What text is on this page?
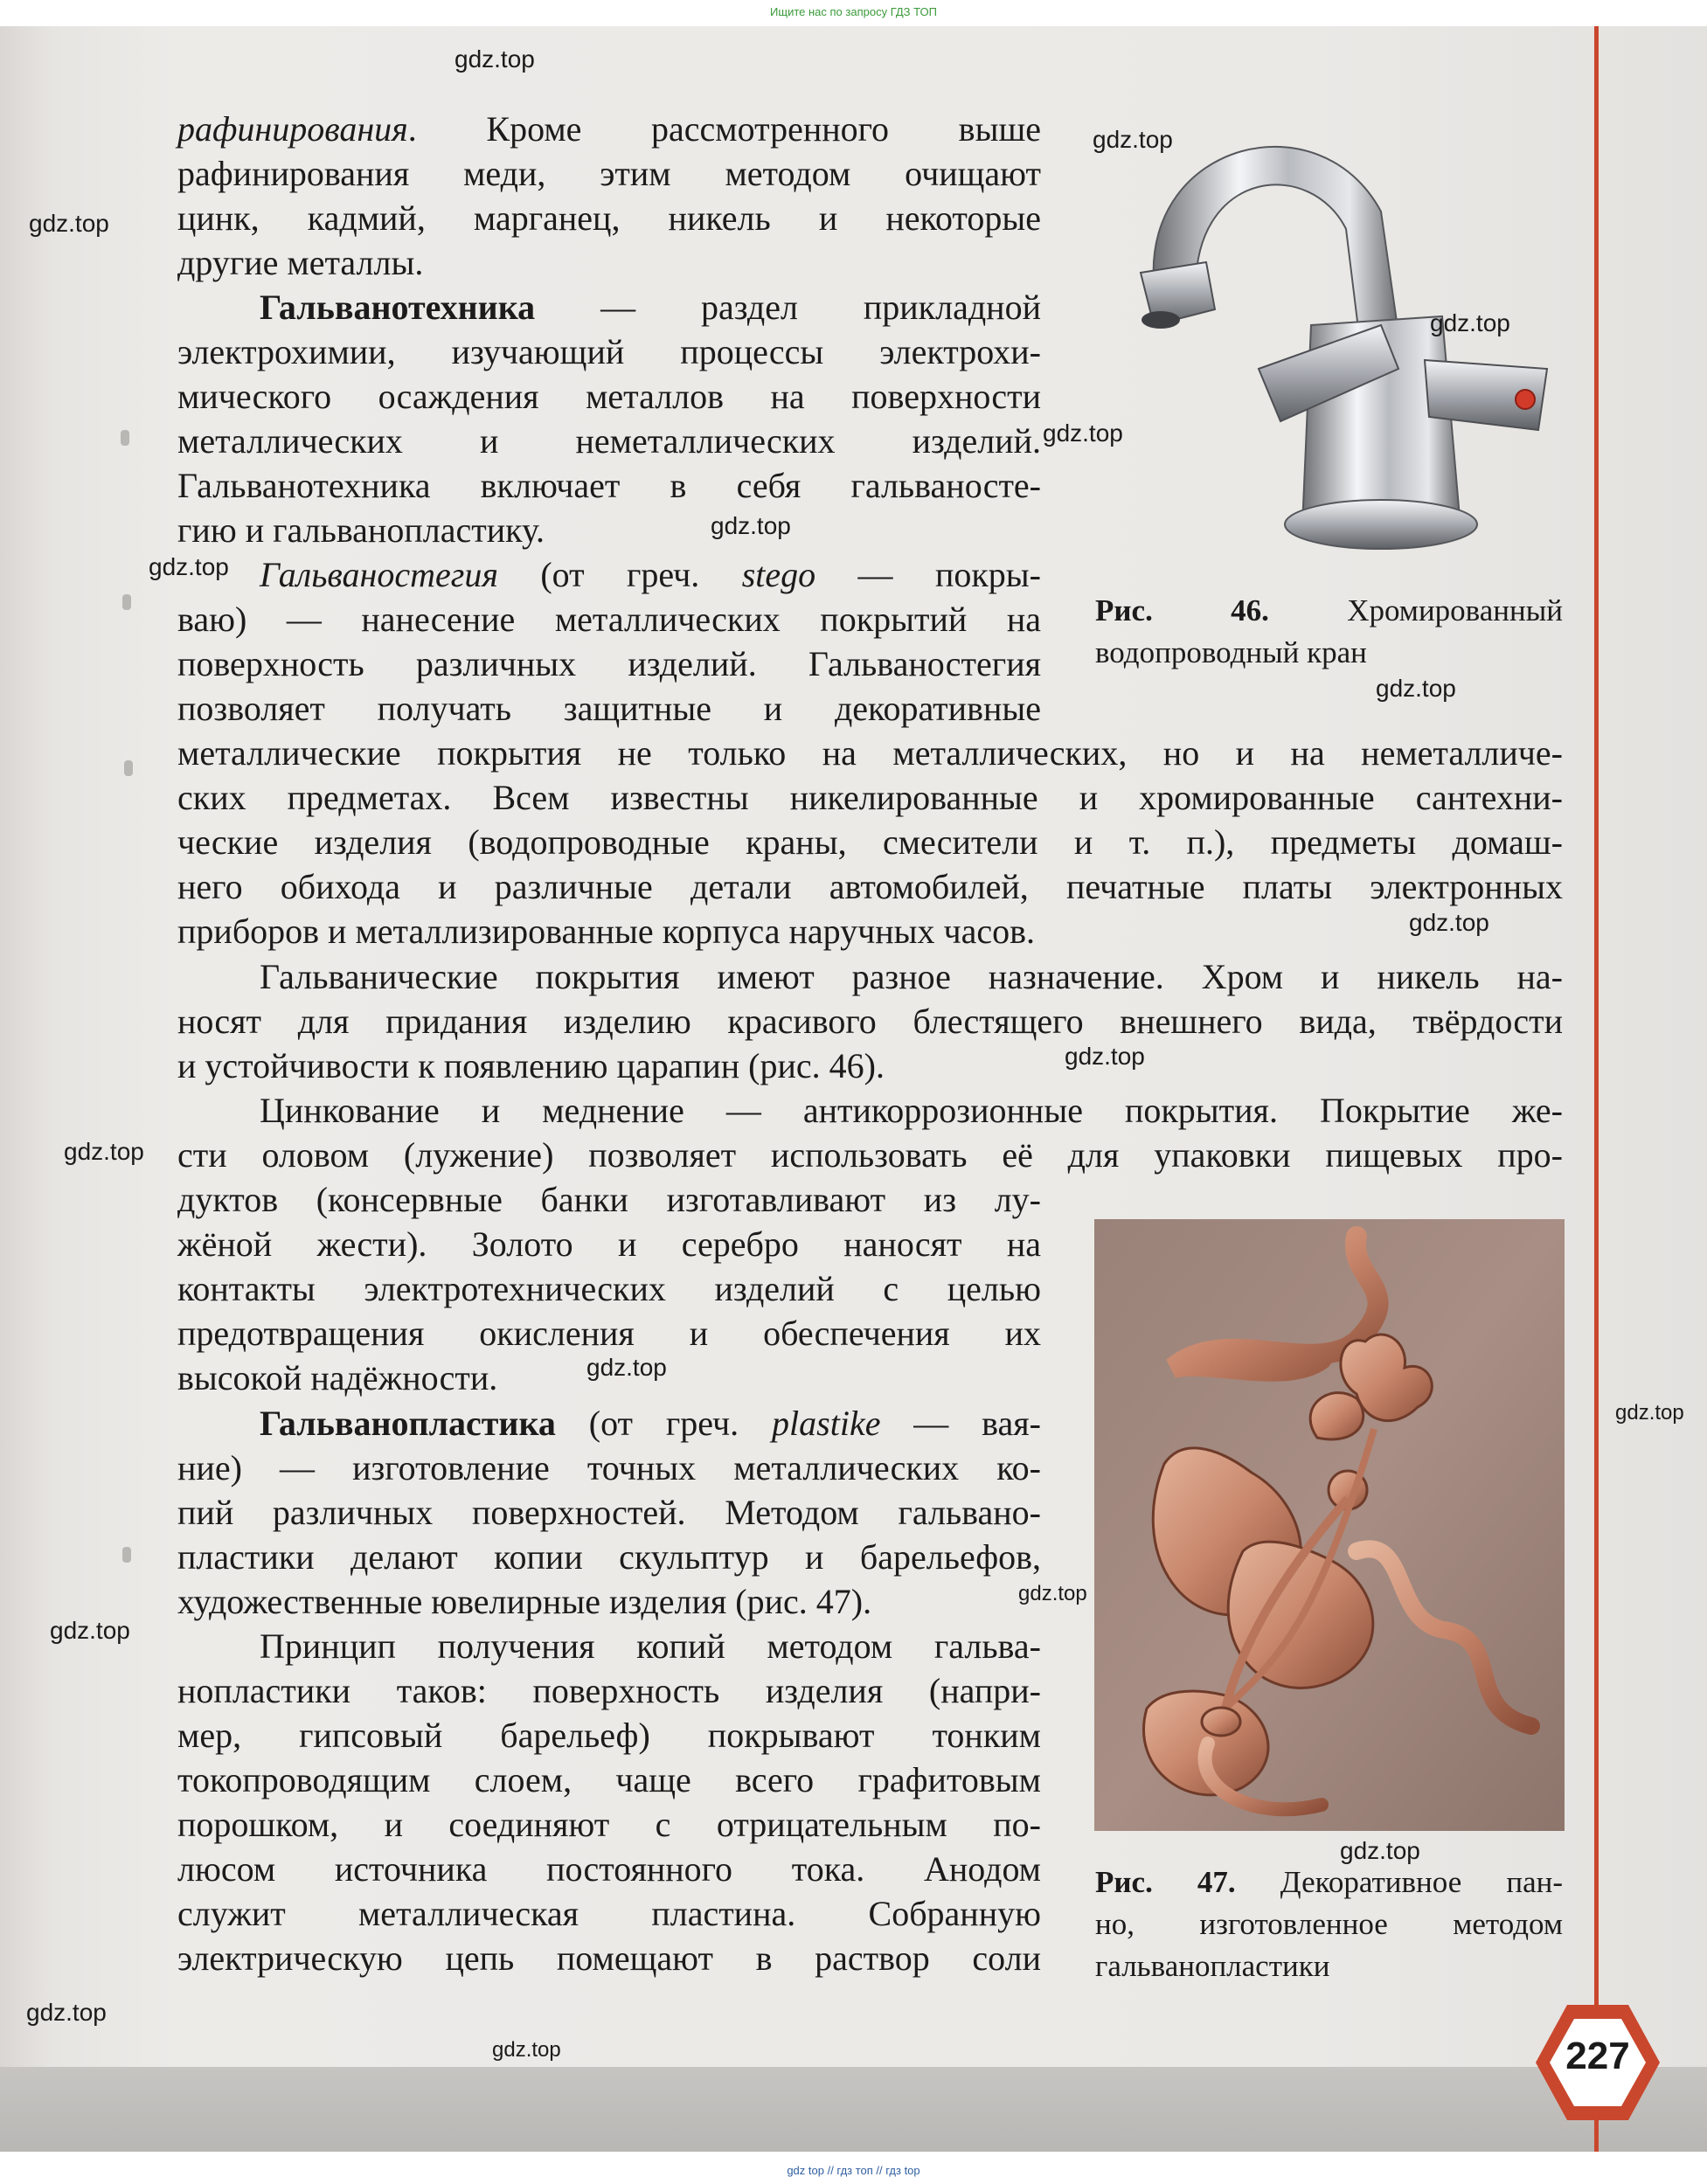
Ищите нас по запросу ГДЗ ТОП
рафинирования. Кроме рассмотренного выше
рафинирования меди, этим методом очищают
цинк, кадмий, марганец, никель и некоторые
другие металлы.
Гальванотехника — раздел прикладной
электрохимии, изучающий процессы электрохи-
мического осаждения металлов на поверхности
металлических и неметаллических изделий.
Гальванотехника включает в себя гальваносте-
гию и гальванопластику.
Гальваностегия (от греч. stego — покры-
ваю) — нанесение металлических покрытий на
поверхность различных изделий. Гальваностегия
позволяет получать защитные и декоративные
металлические покрытия не только на металлических, но и на неметалличе-
ских предметах. Всем известны никелированные и хромированные сантехни-
ческие изделия (водопроводные краны, смесители и т. п.), предметы домаш-
него обихода и различные детали автомобилей, печатные платы электронных
приборов и металлизированные корпуса наручных часов.
Гальванические покрытия имеют разное назначение. Хром и никель на-
носят для придания изделию красивого блестящего внешнего вида, твёрдости
и устойчивости к появлению царапин (рис. 46).
Цинкование и меднение — антикоррозионные покрытия. Покрытие же-
сти оловом (лужение) позволяет использовать её для упаковки пищевых про-
дуктов (консервные банки изготавливают из лу-
жёной жести). Золото и серебро наносят на
контакты электротехнических изделий с целью
предотвращения окисления и обеспечения их
высокой надёжности.
Гальванопластика (от греч. plastike — вая-
ние) — изготовление точных металлических ко-
пий различных поверхностей. Методом гальвано-
пластики делают копии скульптур и барельефов,
художественные ювелирные изделия (рис. 47).
Принцип получения копий методом гальва-
нопластики таков: поверхность изделия (напри-
мер, гипсовый барельеф) покрывают тонким
токопроводящим слоем, чаще всего графитовым
порошком, и соединяют с отрицательным по-
люсом источника постоянного тока. Анодом
служит металлическая пластина. Собранную
электрическую цепь помещают в раствор соли
Рис. 46. Хромированный
водопроводный кран
Рис. 47. Декоративное пан-
но, изготовленное методом
гальванопластики
227
gdz.top
gdz.top
gdz.top
gdz.top
gdz.top
gdz.top
gdz.top
gdz.top
gdz.top
gdz.top
gdz.top
gdz.top
gdz.top
gdz.top
gdz.top
gdz.top
gdz.top
gdz.top
gdz top // гдз топ // гдз top
